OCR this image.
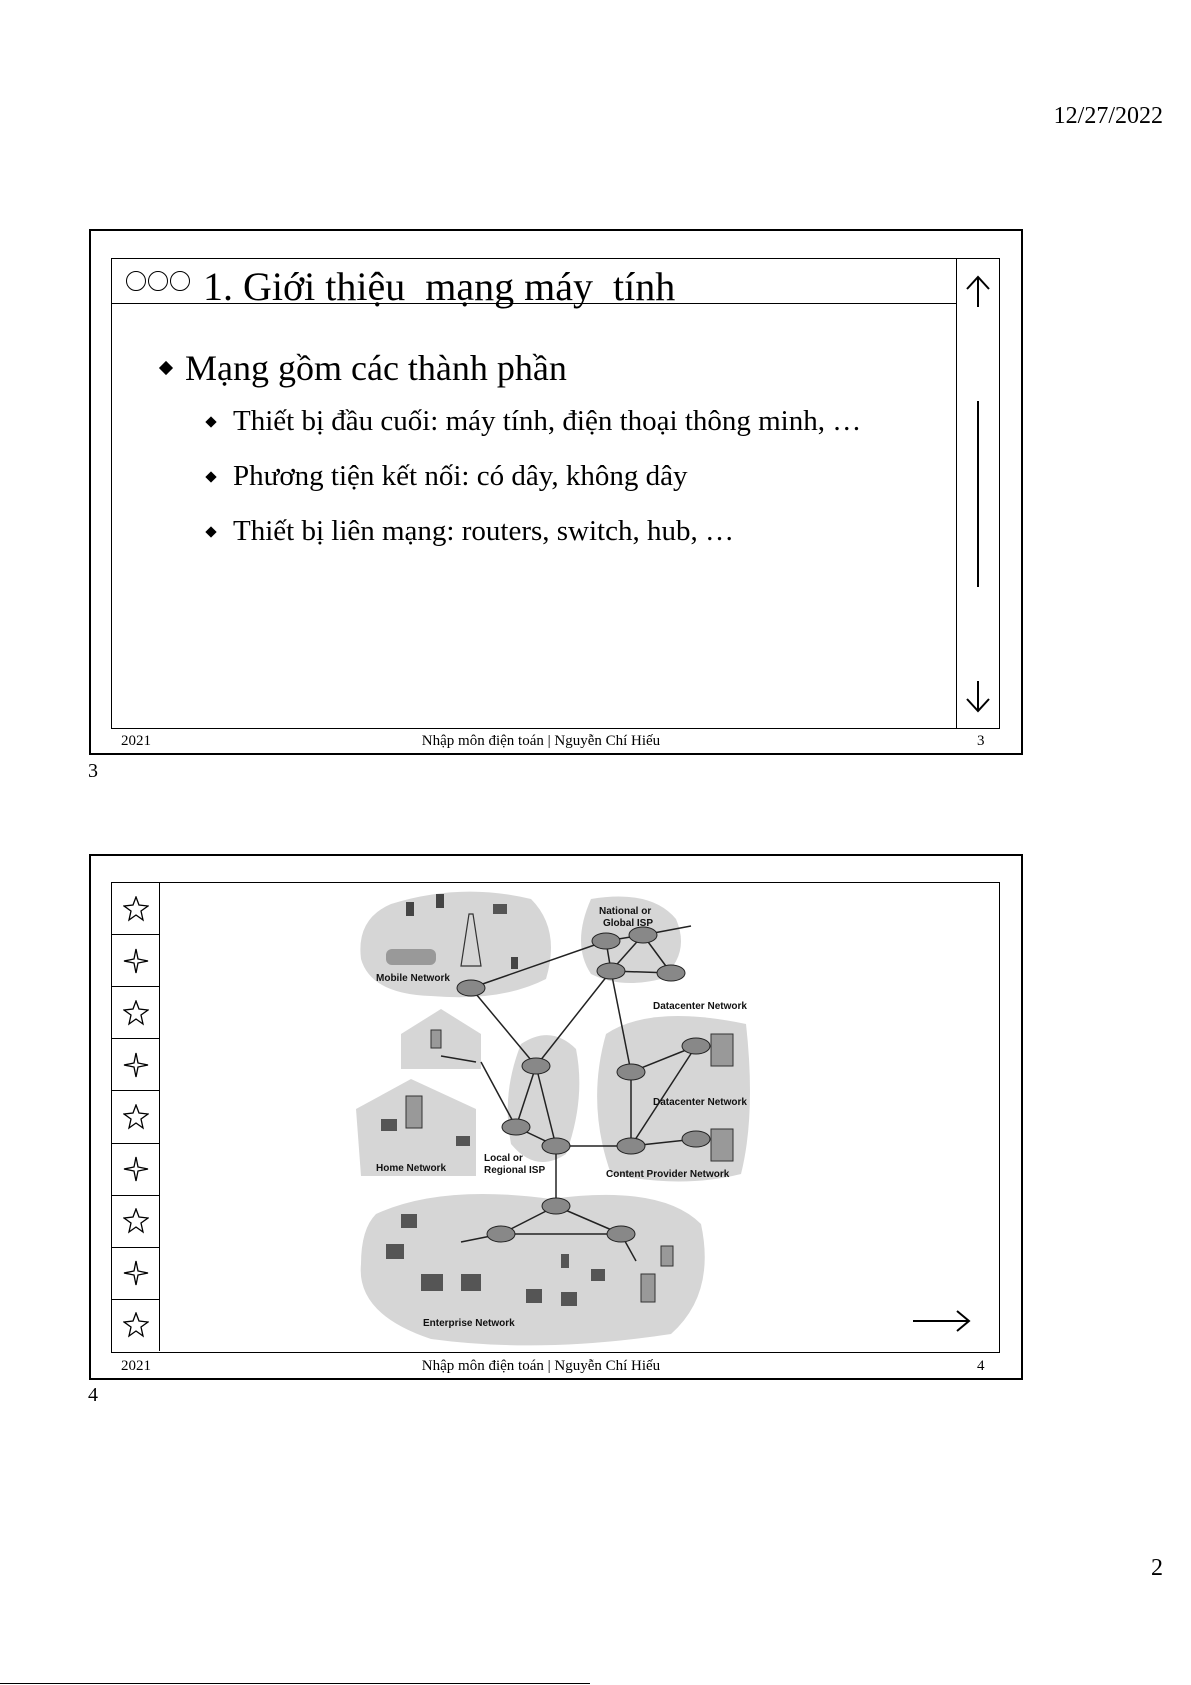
12/27/2022
1. Giới thiệu  mạng máy  tính
Mạng gồm các thành phần
Thiết bị đầu cuối: máy tính, điện thoại thông minh, …
Phương tiện kết nối: có dây, không dây
Thiết bị liên mạng: routers, switch, hub, …
2021	Nhập môn điện toán | Nguyễn Chí Hiếu	3
3
Mobile Network
National or
Global ISP
Datacenter Network
Datacenter Network
Home Network
Local or
Regional ISP	Content Provider Network
Enterprise Network
2021	Nhập môn điện toán | Nguyễn Chí Hiếu	4
4
2
